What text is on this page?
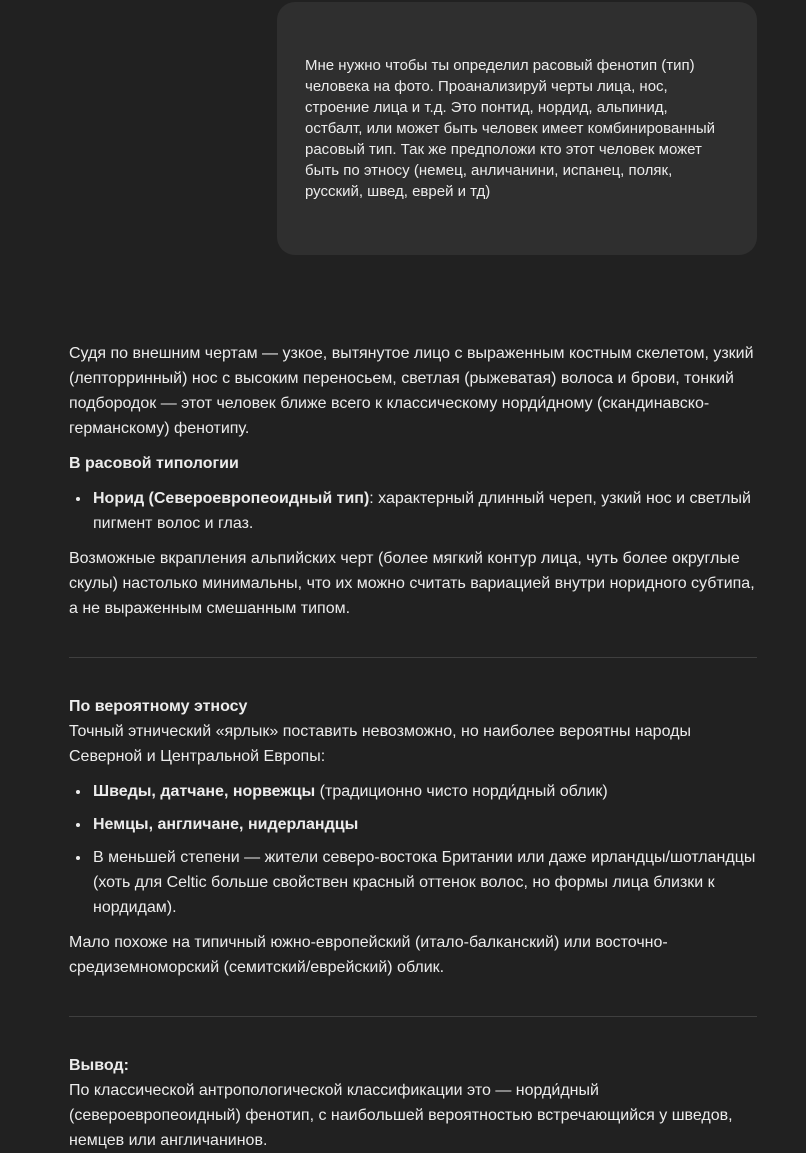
Мне нужно чтобы ты определил расовый фенотип (тип) человека на фото. Проанализируй черты лица, нос, строение лица и т.д. Это понтид, нордид, альпинид, остбалт, или может быть человек имеет комбинированный расовый тип. Так же предположи кто этот человек может быть по этносу (немец, анличанини, испанец, поляк, русский, швед, еврей и тд)

Судя по внешним чертам — узкое, вытянутое лицо с выраженным костным скелетом, узкий (лепторринный) нос с высоким переносьем, светлая (рыжеватая) волоса и брови, тонкий подбородок — этот человек ближе всего к классическому норди́дному (скандинавско-германскому) фенотипу.

В расовой типологии

• Норид (Североевропеоидный тип): характерный длинный череп, узкий нос и светлый пигмент волос и глаз.

Возможные вкрапления альпийских черт (более мягкий контур лица, чуть более округлые скулы) настолько минимальны, что их можно считать вариацией внутри норидного субтипа, а не выраженным смешанным типом.

По вероятному этносу
Точный этнический «ярлык» поставить невозможно, но наиболее вероятны народы Северной и Центральной Европы:

• Шведы, датчане, норвежцы (традиционно чисто норди́дный облик)
• Немцы, англичане, нидерландцы
• В меньшей степени — жители северо-востока Британии или даже ирландцы/шотландцы (хоть для Celtic больше свойствен красный оттенок волос, но формы лица близки к нордидам).

Мало похоже на типичный южно-европейский (итало-балканский) или восточно-средиземноморский (семитский/еврейский) облик.

Вывод:
По классической антропологической классификации это — норди́дный (североевропеоидный) фенотип, с наибольшей вероятностью встречающийся у шведов, немцев или англичанинов.
